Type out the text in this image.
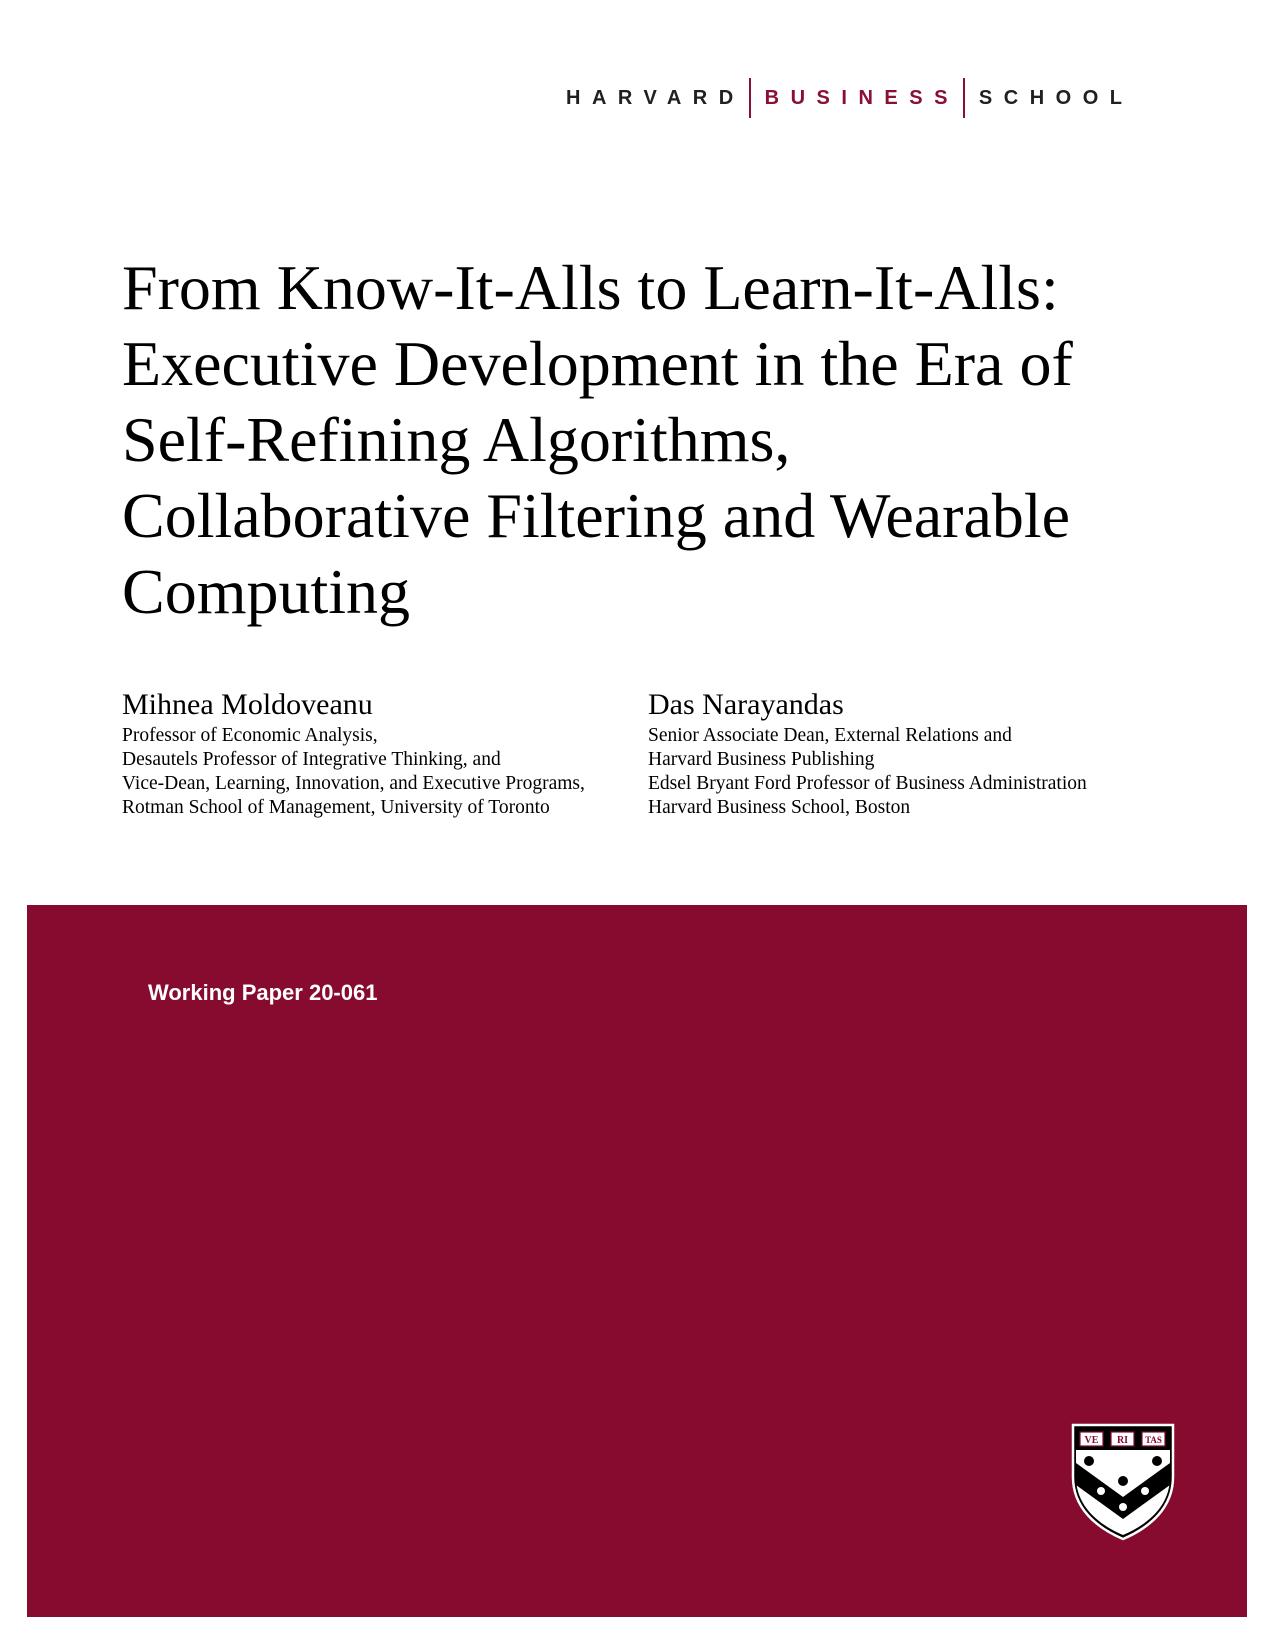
HARVARD BUSINESS SCHOOL
From Know-It-Alls to Learn-It-Alls:
Executive Development in the Era of
Self-Refining Algorithms,
Collaborative Filtering and Wearable
Computing
Mihnea Moldoveanu
Professor of Economic Analysis,
Desautels Professor of Integrative Thinking, and
Vice-Dean, Learning, Innovation, and Executive Programs,
Rotman School of Management, University of Toronto
Das Narayandas
Senior Associate Dean, External Relations and
Harvard Business Publishing
Edsel Bryant Ford Professor of Business Administration
Harvard Business School, Boston
Working Paper 20-061
VE RI TAS
